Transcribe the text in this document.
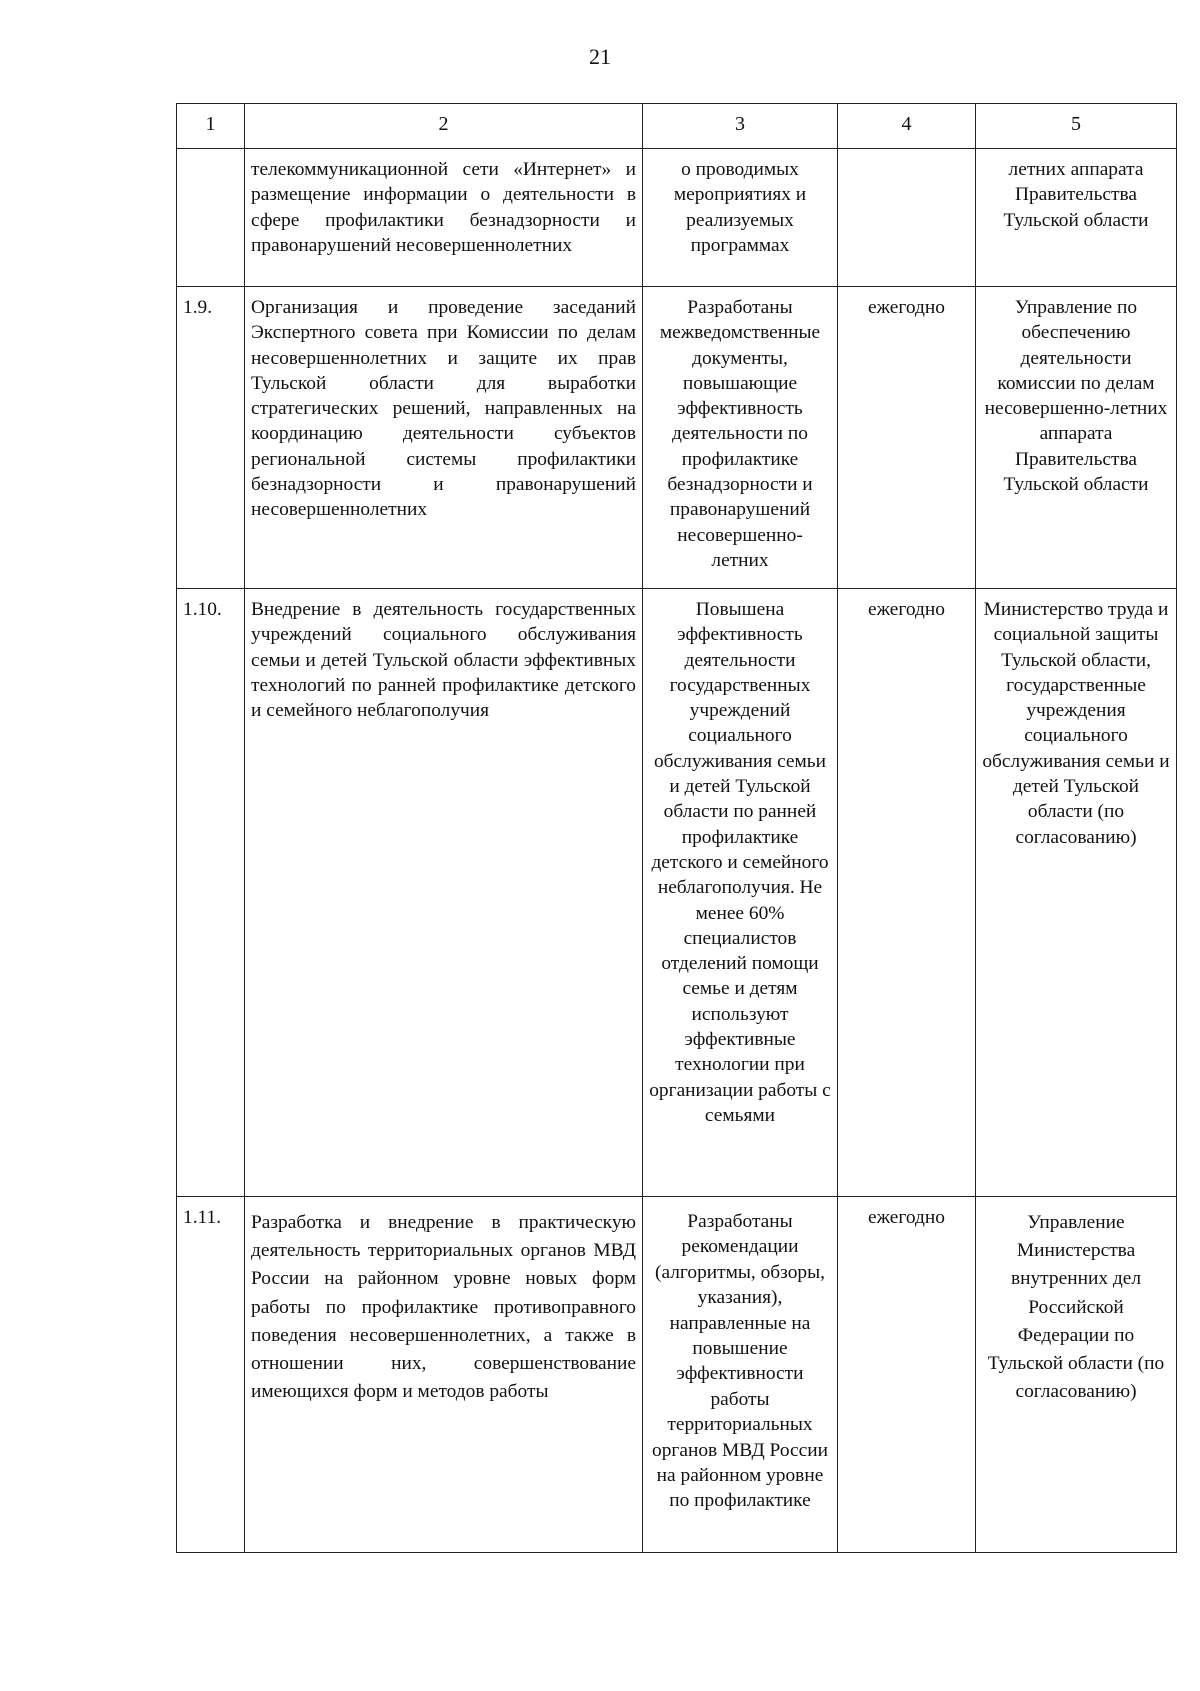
21
1	2	3	4	5
	телекоммуникационной сети «Интернет» и размещение информации о деятельности в сфере профилактики безнадзорности и правонарушений несовершеннолетних	о проводимых мероприятиях и реализуемых программах		летних аппарата Правительства Тульской области
1.9.	Организация и проведение заседаний Экспертного совета при Комиссии по делам несовершеннолетних и защите их прав Тульской области для выработки стратегических решений, направленных на координацию деятельности субъектов региональной системы профилактики безнадзорности и правонарушений несовершеннолетних	Разработаны межведомственные документы, повышающие эффективность деятельности по профилактике безнадзорности и правонарушений несовершенно-летних	ежегодно	Управление по обеспечению деятельности комиссии по делам несовершенно-летних аппарата Правительства Тульской области
1.10.	Внедрение в деятельность государственных учреждений социального обслуживания семьи и детей Тульской области эффективных технологий по ранней профилактике детского и семейного неблагополучия	Повышена эффективность деятельности государственных учреждений социального обслуживания семьи и детей Тульской области по ранней профилактике детского и семейного неблагополучия. Не менее 60% специалистов отделений помощи семье и детям используют эффективные технологии при организации работы с семьями	ежегодно	Министерство труда и социальной защиты Тульской области, государственные учреждения социального обслуживания семьи и детей Тульской области (по согласованию)
1.11.	Разработка и внедрение в практическую деятельность территориальных органов МВД России на районном уровне новых форм работы по профилактике противоправного поведения несовершеннолетних, а также в отношении них, совершенствование имеющихся форм и методов работы	Разработаны рекомендации (алгоритмы, обзоры, указания), направленные на повышение эффективности работы территориальных органов МВД России на районном уровне по профилактике	ежегодно	Управление Министерства внутренних дел Российской Федерации по Тульской области (по согласованию)
